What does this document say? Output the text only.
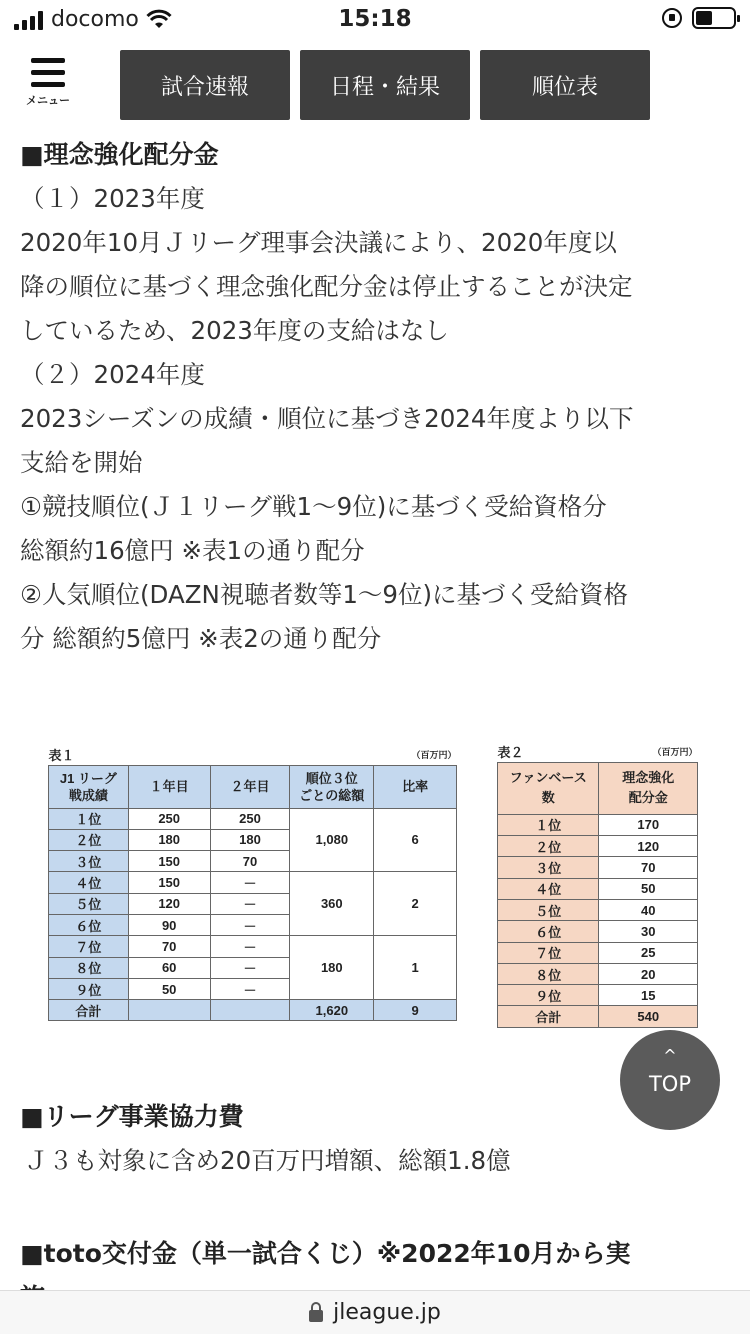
docomo	15:18
メニュー
試合速報	日程・結果	順位表
■理念強化配分金
（１）2023年度
2020年10月Ｊリーグ理事会決議により、2020年度以
降の順位に基づく理念強化配分金は停止することが決定
しているため、2023年度の支給はなし
（２）2024年度
2023シーズンの成績・順位に基づき2024年度より以下
支給を開始
①競技順位(Ｊ１リーグ戦1～9位)に基づく受給資格分
総額約16億円 ※表1の通り配分
②人気順位(DAZN視聴者数等1～9位)に基づく受給資格
分 総額約5億円 ※表2の通り配分
表１				（百万円）
J1 リーグ
戦成績	１年目	２年目	順位３位
ごとの総額	比率
１位	250	250	1,080	6
２位	180	180		
３位	150	70		
４位	150	－	360	2
５位	120	－		
６位	90	－		
７位	70	－	180	1
８位	60	－		
９位	50	－		
合計			1,620	9
表２	（百万円）
ファンベース
数	理念強化
配分金
１位	170
２位	120
３位	70
４位	50
５位	40
６位	30
７位	25
８位	20
９位	15
合計	540
^
TOP
■リーグ事業協力費
Ｊ３も対象に含め20百万円増額、総額1.8億
■toto交付金（単一試合くじ）※2022年10月から実
jleague.jp
